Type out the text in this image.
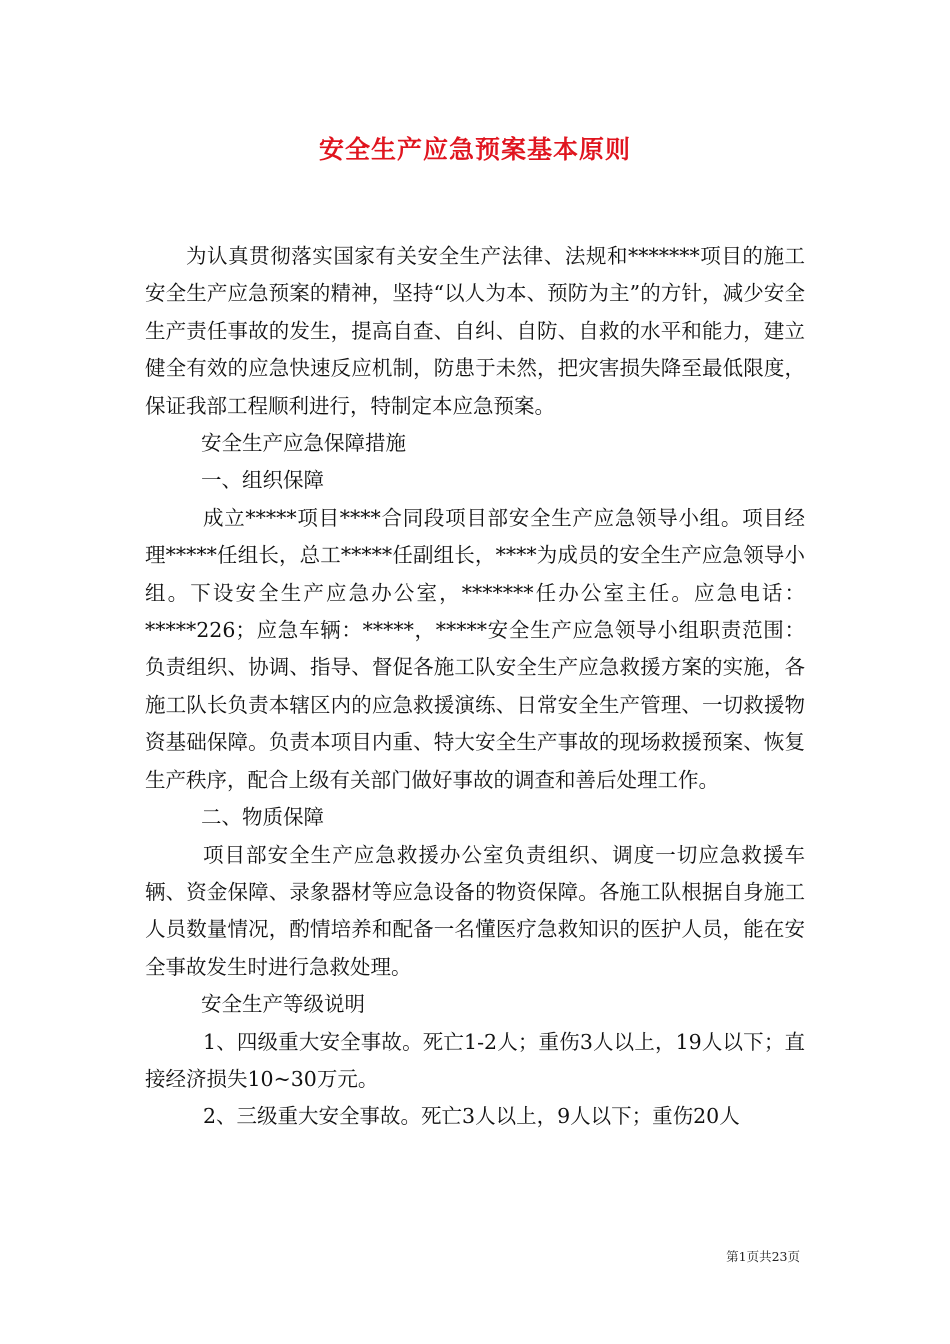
安全生产应急预案基本原则

为认真贯彻落实国家有关安全生产法律、法规和*******项目的施工安全生产应急预案的精神，坚持“以人为本、预防为主”的方针，减少安全生产责任事故的发生，提高自查、自纠、自防、自救的水平和能力，建立健全有效的应急快速反应机制，防患于未然，把灾害损失降至最低限度，保证我部工程顺利进行，特制定本应急预案。

安全生产应急保障措施

一、组织保障

成立*****项目****合同段项目部安全生产应急领导小组。项目经理*****任组长，总工*****任副组长，****为成员的安全生产应急领导小组。下设安全生产应急办公室，*******任办公室主任。应急电话：*****226；应急车辆：*****，*****安全生产应急领导小组职责范围：负责组织、协调、指导、督促各施工队安全生产应急救援方案的实施，各施工队长负责本辖区内的应急救援演练、日常安全生产管理、一切救援物资基础保障。负责本项目内重、特大安全生产事故的现场救援预案、恢复生产秩序，配合上级有关部门做好事故的调查和善后处理工作。

二、物质保障

项目部安全生产应急救援办公室负责组织、调度一切应急救援车辆、资金保障、录象器材等应急设备的物资保障。各施工队根据自身施工人员数量情况，酌情培养和配备一名懂医疗急救知识的医护人员，能在安全事故发生时进行急救处理。

安全生产等级说明

1、四级重大安全事故。死亡1-2人；重伤3人以上，19人以下；直接经济损失10~30万元。

2、三级重大安全事故。死亡3人以上，9人以下；重伤20人

第1页共23页
